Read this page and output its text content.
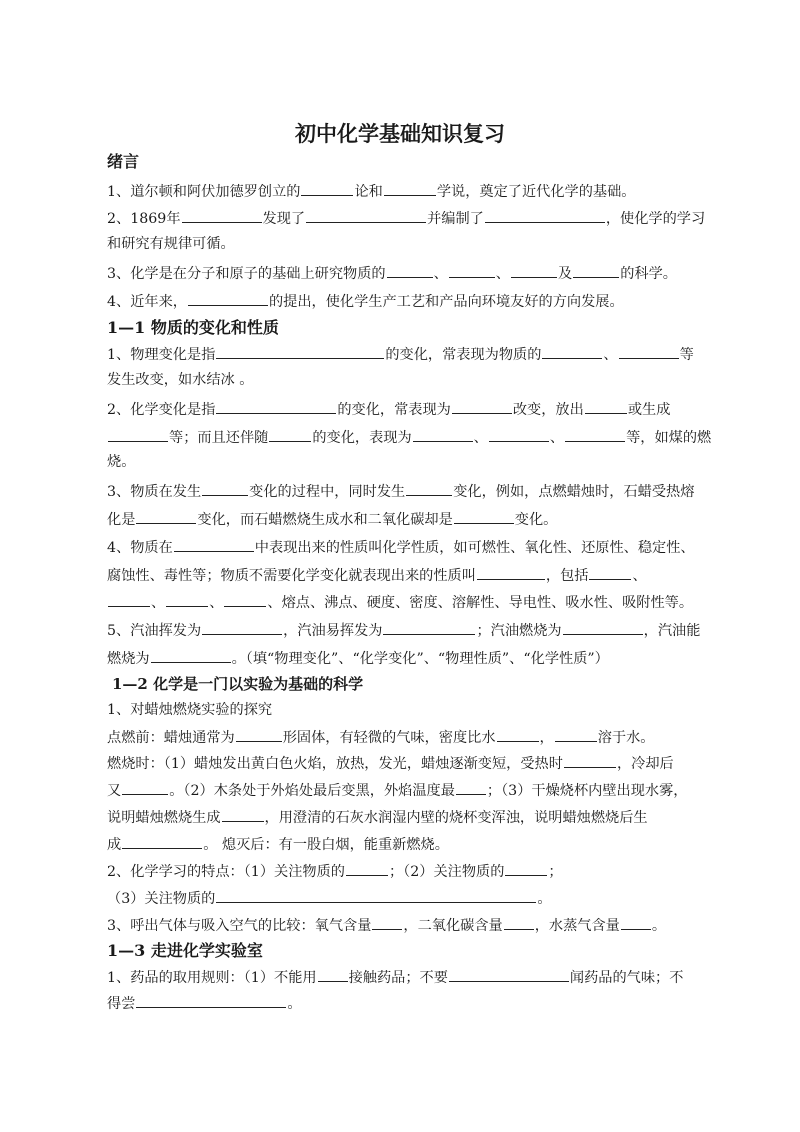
初中化学基础知识复习
绪言
1、道尔顿和阿伏加德罗创立的	论和	学说，奠定了近代化学的基础。
2、1869年	发现了	并编制了	，使化学的学习
和研究有规律可循。
3、化学是在分子和原子的基础上研究物质的	、	、	及	的科学。
4、近年来，	的提出，使化学生产工艺和产品向环境友好的方向发展。
1—1 物质的变化和性质
1、物理变化是指	的变化，常表现为物质的	、	等
发生改变，如水结冰 。
2、化学变化是指	的变化，常表现为	改变，放出	或生成
等；而且还伴随	的变化，表现为	、	、	等，如煤的燃
烧。
3、物质在发生	变化的过程中，同时发生	变化，例如，点燃蜡烛时，石蜡受热熔
化是	变化，而石蜡燃烧生成水和二氧化碳却是	变化。
4、物质在	中表现出来的性质叫化学性质，如可燃性、氧化性、还原性、稳定性、
腐蚀性、毒性等；物质不需要化学变化就表现出来的性质叫	，包括	、
、	、	、熔点、沸点、硬度、密度、溶解性、导电性、吸水性、吸附性等。
5、汽油挥发为	，汽油易挥发为	；汽油燃烧为	，汽油能
燃烧为	。（填“物理变化”、“化学变化”、“物理性质”、“化学性质”）
1—2 化学是一门以实验为基础的科学
1、对蜡烛燃烧实验的探究
点燃前：蜡烛通常为	形固体，有轻微的气味，密度比水	，	溶于水。
燃烧时：（1）蜡烛发出黄白色火焰，放热，发光，蜡烛逐渐变短，受热时	，冷却后
又	。（2）木条处于外焰处最后变黑，外焰温度最 ；（3）干燥烧杯内壁出现水雾，
说明蜡烛燃烧生成	，用澄清的石灰水润湿内壁的烧杯变浑浊，说明蜡烛燃烧后生
成	。 熄灭后：有一股白烟，能重新燃烧。
2、化学学习的特点：（1）关注物质的	；（2）关注物质的	；
（3）关注物质的	。
3、呼出气体与吸入空气的比较：氧气含量 ，二氧化碳含量 ，水蒸气含量 。
1—3 走进化学实验室
1、药品的取用规则：（1）不能用 接触药品；不要	闻药品的气味；不
得尝	。
